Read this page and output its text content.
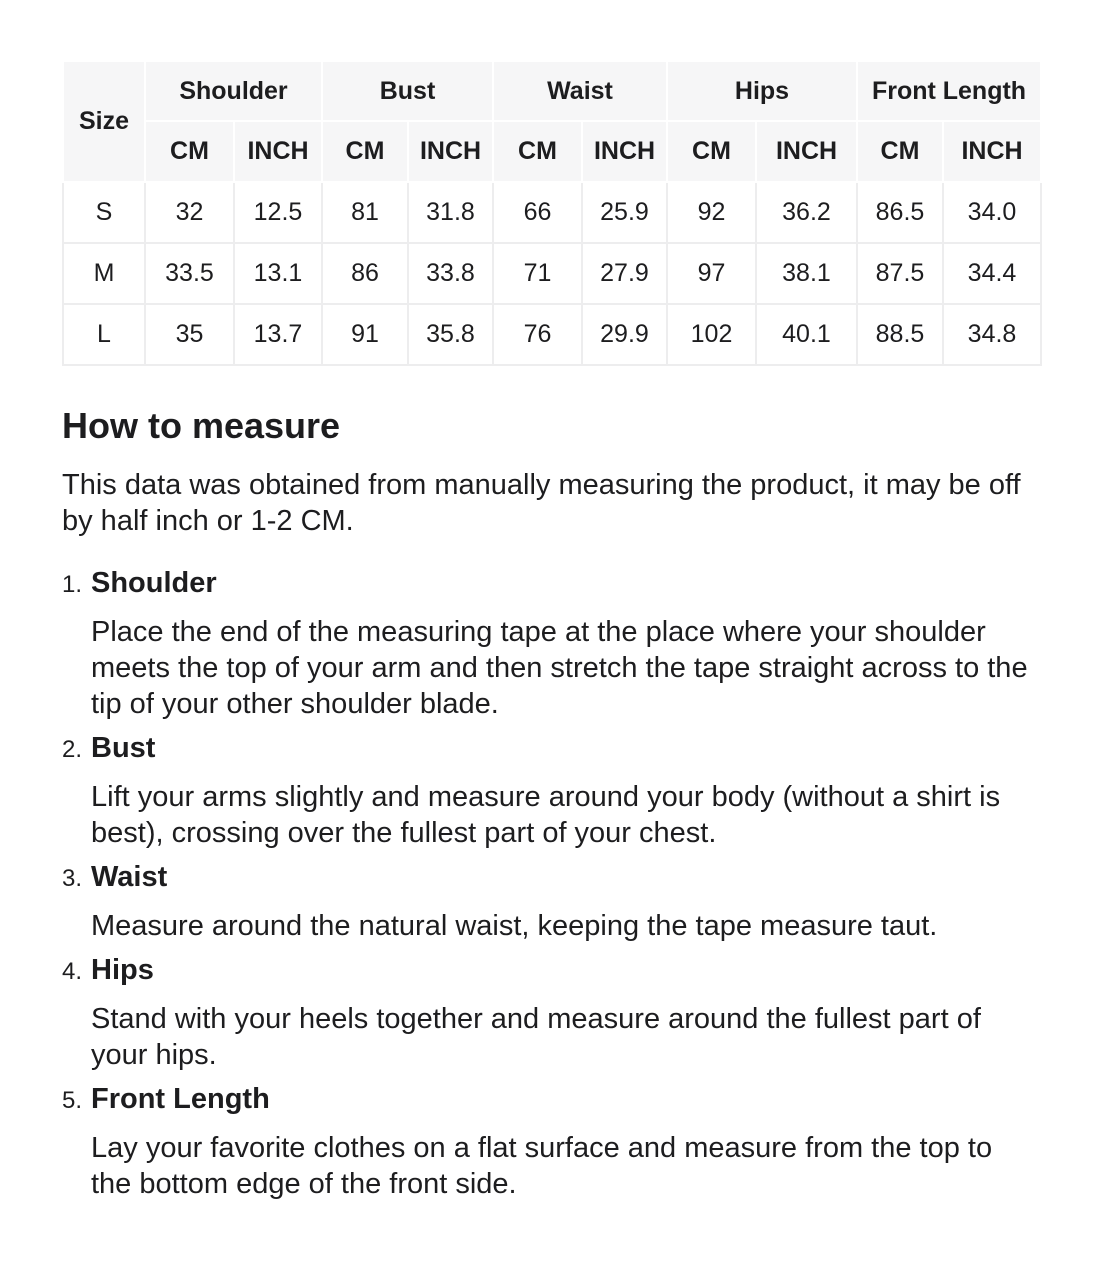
Size	Shoulder		Bust		Waist		Hips		Front Length	
	CM	INCH	CM	INCH	CM	INCH	CM	INCH	CM	INCH
S	32	12.5	81	31.8	66	25.9	92	36.2	86.5	34.0
M	33.5	13.1	86	33.8	71	27.9	97	38.1	87.5	34.4
L	35	13.7	91	35.8	76	29.9	102	40.1	88.5	34.8
How to measure

This data was obtained from manually measuring the product, it may be off by half inch or 1-2 CM.

1. Shoulder

Place the end of the measuring tape at the place where your shoulder meets the top of your arm and then stretch the tape straight across to the tip of your other shoulder blade.

2. Bust

Lift your arms slightly and measure around your body (without a shirt is best), crossing over the fullest part of your chest.

3. Waist

Measure around the natural waist, keeping the tape measure taut.

4. Hips

Stand with your heels together and measure around the fullest part of your hips.

5. Front Length

Lay your favorite clothes on a flat surface and measure from the top to the bottom edge of the front side.
